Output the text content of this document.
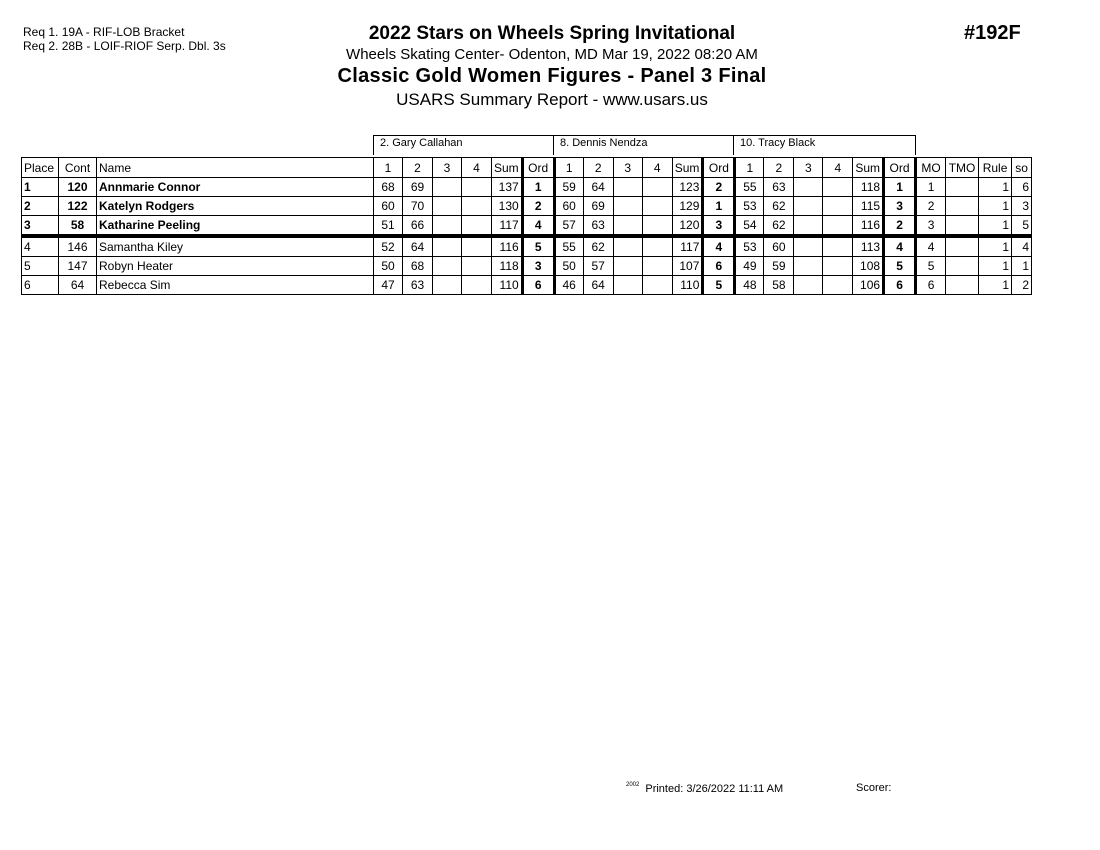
Req 1. 19A - RIF-LOB Bracket
Req 2. 28B - LOIF-RIOF Serp. Dbl. 3s
2022 Stars on Wheels Spring Invitational
Wheels Skating Center- Odenton, MD Mar 19, 2022 08:20 AM
Classic Gold Women Figures - Panel 3 Final
USARS Summary Report - www.usars.us
#192F
2. Gary Callahan	8. Dennis Nendza	10. Tracy Black
Place	Cont	Name	1	2	3	4	Sum	Ord	1	2	3	4	Sum	Ord	1	2	3	4	Sum	Ord	MO	TMO	Rule	so
1	120	Annmarie Connor	68	69			137	1	59	64			123	2	55	63			118	1	1		1	6
2	122	Katelyn Rodgers	60	70			130	2	60	69			129	1	53	62			115	3	2		1	3
3	58	Katharine Peeling	51	66			117	4	57	63			120	3	54	62			116	2	3		1	5
4	146	Samantha Kiley	52	64			116	5	55	62			117	4	53	60			113	4	4		1	4
5	147	Robyn Heater	50	68			118	3	50	57			107	6	49	59			108	5	5		1	1
6	64	Rebecca Sim	47	63			110	6	46	64			110	5	48	58			106	6	6		1	2
$^{2002}$ Printed: 3/26/2022 11:11 AM	Scorer:
